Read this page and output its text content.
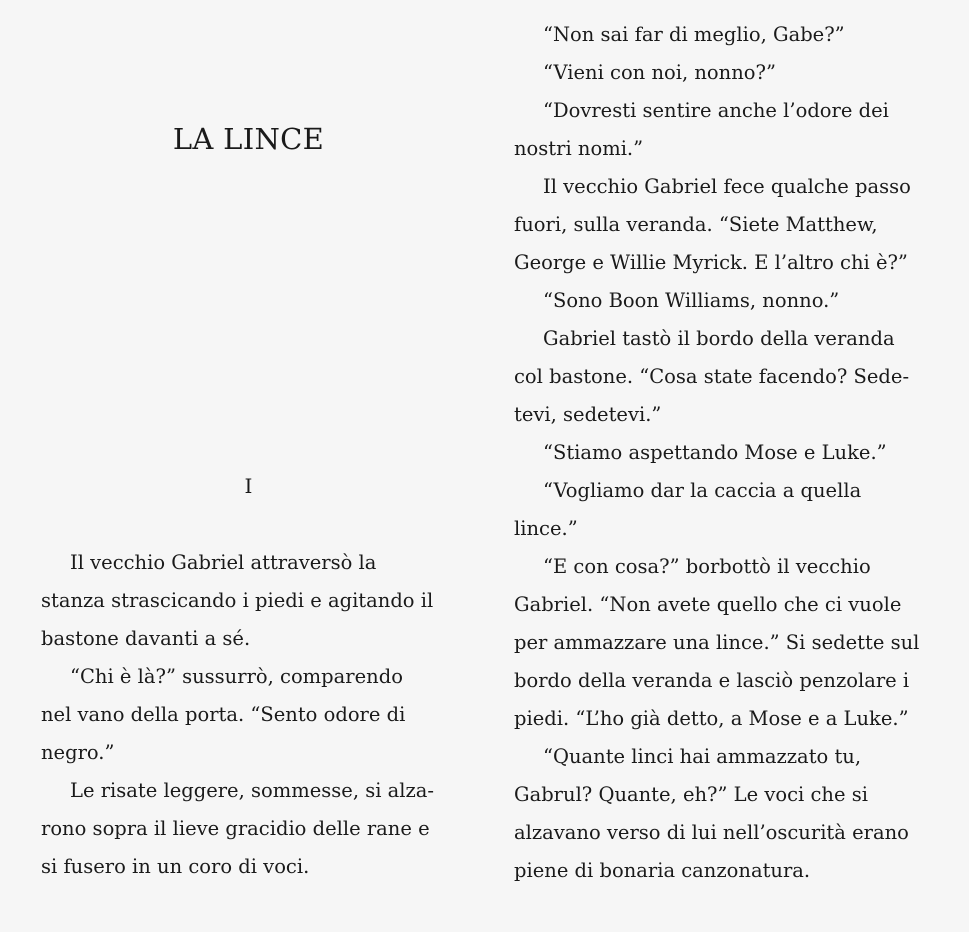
LA LINCE
I
Il vecchio Gabriel attraversò la
stanza strascicando i piedi e agitando il
bastone davanti a sé.
“Chi è là?” sussurrò, comparendo
nel vano della porta. “Sento odore di
negro.”
Le risate leggere, sommesse, si alza-
rono sopra il lieve gracidio delle rane e
si fusero in un coro di voci.
“Non sai far di meglio, Gabe?”
“Vieni con noi, nonno?”
“Dovresti sentire anche l’odore dei
nostri nomi.”
Il vecchio Gabriel fece qualche passo
fuori, sulla veranda. “Siete Matthew,
George e Willie Myrick. E l’altro chi è?”
“Sono Boon Williams, nonno.”
Gabriel tastò il bordo della veranda
col bastone. “Cosa state facendo? Sede-
tevi, sedetevi.”
“Stiamo aspettando Mose e Luke.”
“Vogliamo dar la caccia a quella
lince.”
“E con cosa?” borbottò il vecchio
Gabriel. “Non avete quello che ci vuole
per ammazzare una lince.” Si sedette sul
bordo della veranda e lasciò penzolare i
piedi. “L’ho già detto, a Mose e a Luke.”
“Quante linci hai ammazzato tu,
Gabrul? Quante, eh?” Le voci che si
alzavano verso di lui nell’oscurità erano
piene di bonaria canzonatura.
